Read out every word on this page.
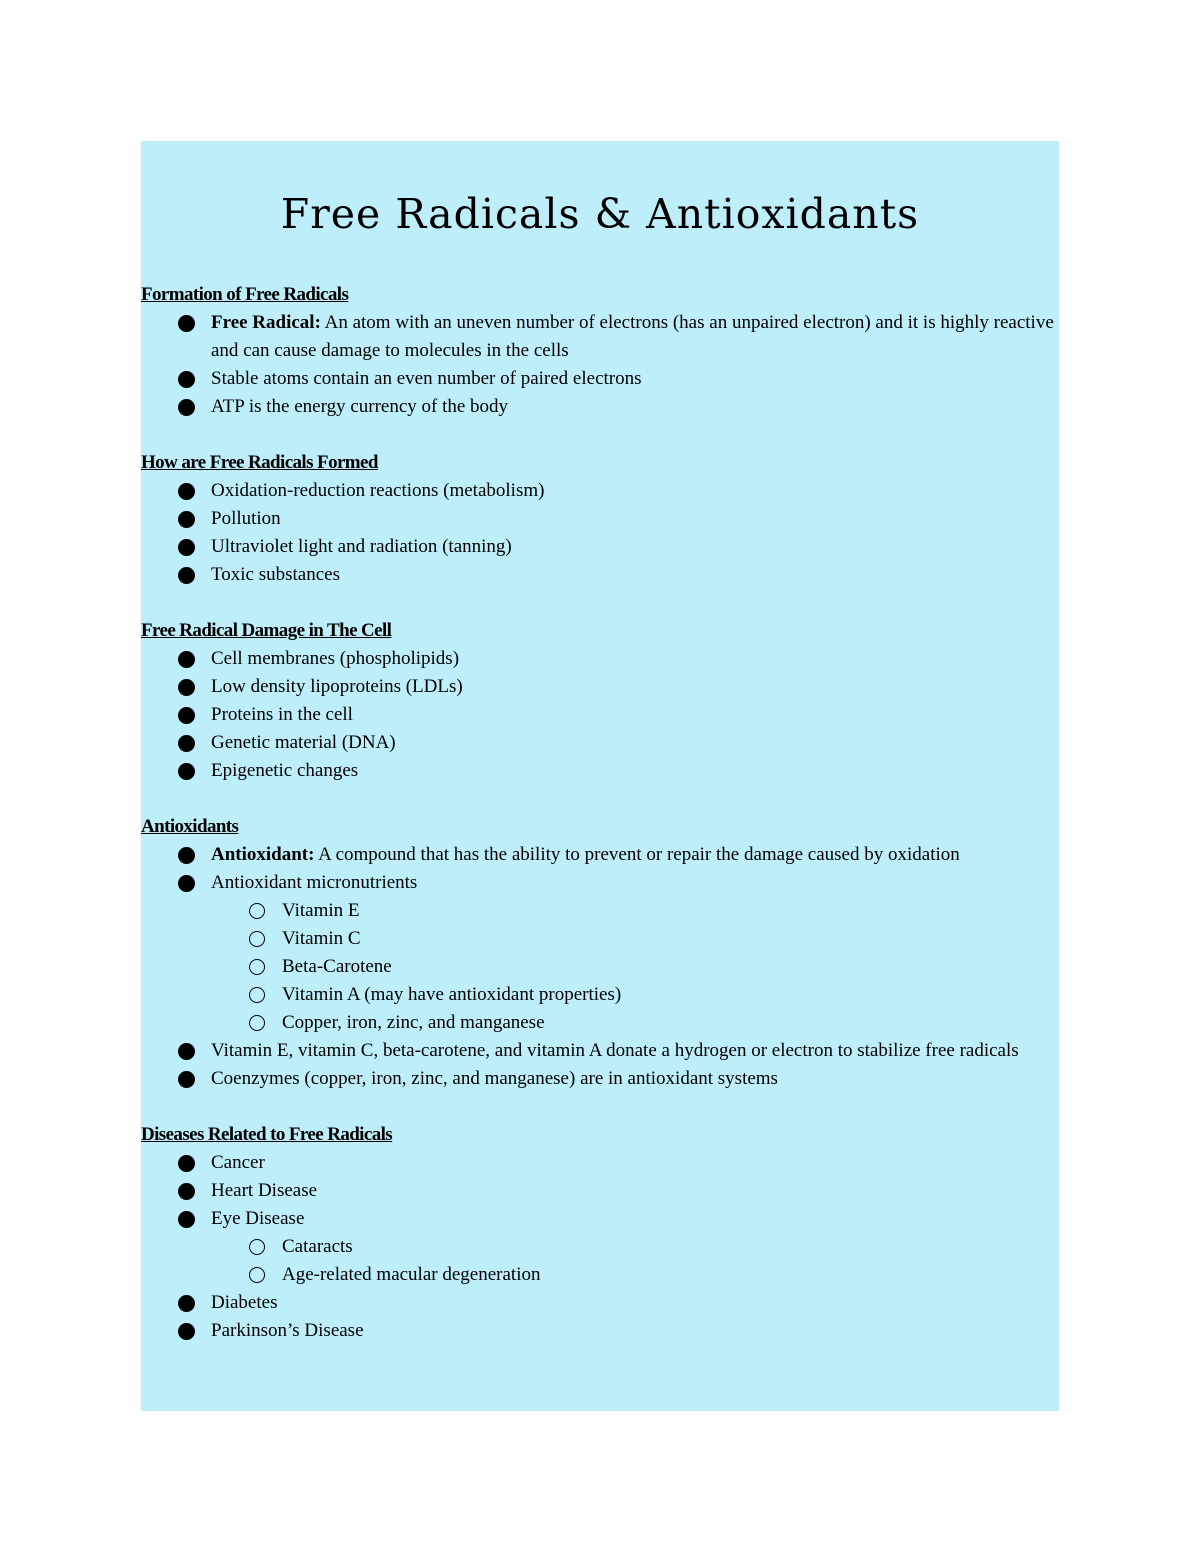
Free Radicals & Antioxidants
Formation of Free Radicals
Free Radical: An atom with an uneven number of electrons (has an unpaired electron) and it is highly reactive and can cause damage to molecules in the cells
Stable atoms contain an even number of paired electrons
ATP is the energy currency of the body
How are Free Radicals Formed
Oxidation-reduction reactions (metabolism)
Pollution
Ultraviolet light and radiation (tanning)
Toxic substances
Free Radical Damage in The Cell
Cell membranes (phospholipids)
Low density lipoproteins (LDLs)
Proteins in the cell
Genetic material (DNA)
Epigenetic changes
Antioxidants
Antioxidant: A compound that has the ability to prevent or repair the damage caused by oxidation
Antioxidant micronutrients
Vitamin E
Vitamin C
Beta-Carotene
Vitamin A (may have antioxidant properties)
Copper, iron, zinc, and manganese
Vitamin E, vitamin C, beta-carotene, and vitamin A donate a hydrogen or electron to stabilize free radicals
Coenzymes (copper, iron, zinc, and manganese) are in antioxidant systems
Diseases Related to Free Radicals
Cancer
Heart Disease
Eye Disease
Cataracts
Age-related macular degeneration
Diabetes
Parkinson’s Disease
